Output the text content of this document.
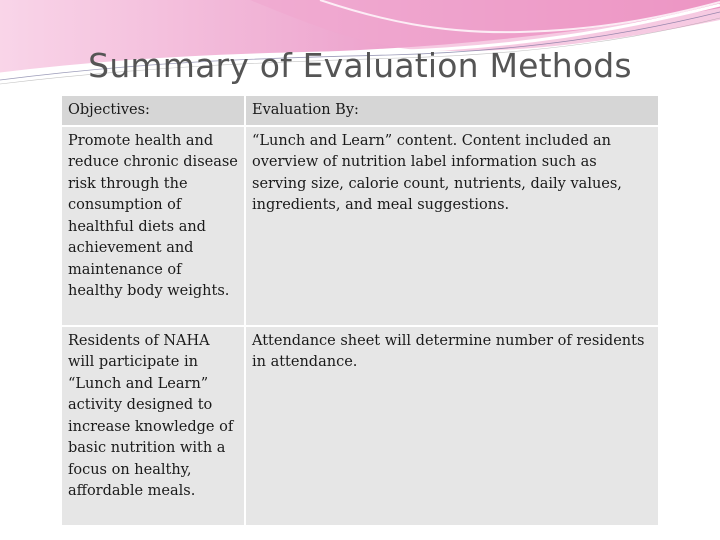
Summary of Evaluation Methods
Objectives:	Evaluation By:
Promote health and reduce chronic disease risk through the consumption of healthful diets and achievement and maintenance of healthy body weights.	“Lunch and Learn” content. Content included an overview of nutrition label information such as serving size, calorie count, nutrients, daily values, ingredients, and meal suggestions.
Residents of NAHA will participate in “Lunch and Learn” activity designed to increase knowledge of basic nutrition with a focus on healthy, affordable meals.	Attendance sheet will determine number of residents in attendance.
